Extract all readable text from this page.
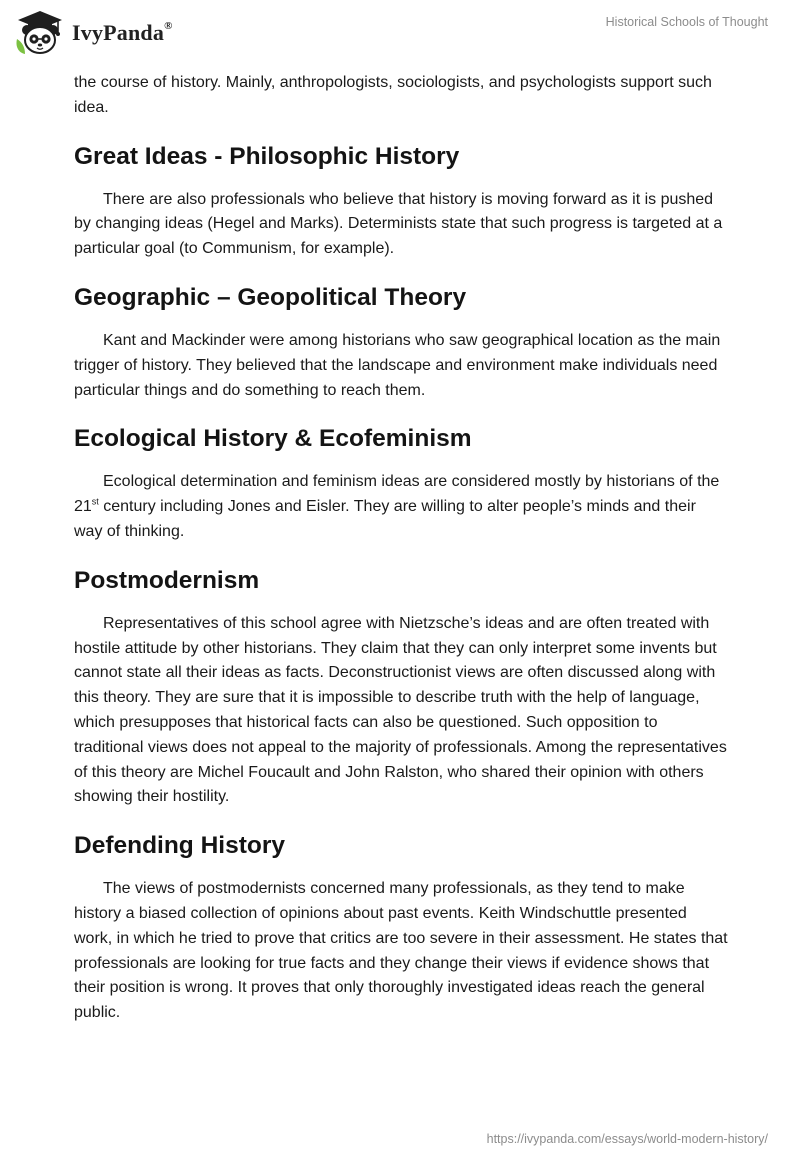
IvyPanda®	Historical Schools of Thought

the course of history. Mainly, anthropologists, sociologists, and psychologists support such idea.

Great Ideas - Philosophic History

There are also professionals who believe that history is moving forward as it is pushed by changing ideas (Hegel and Marks). Determinists state that such progress is targeted at a particular goal (to Communism, for example).

Geographic – Geopolitical Theory

Kant and Mackinder were among historians who saw geographical location as the main trigger of history. They believed that the landscape and environment make individuals need particular things and do something to reach them.

Ecological History & Ecofeminism

Ecological determination and feminism ideas are considered mostly by historians of the 21st century including Jones and Eisler. They are willing to alter people’s minds and their way of thinking.

Postmodernism

Representatives of this school agree with Nietzsche’s ideas and are often treated with hostile attitude by other historians. They claim that they can only interpret some invents but cannot state all their ideas as facts. Deconstructionist views are often discussed along with this theory. They are sure that it is impossible to describe truth with the help of language, which presupposes that historical facts can also be questioned. Such opposition to traditional views does not appeal to the majority of professionals. Among the representatives of this theory are Michel Foucault and John Ralston, who shared their opinion with others showing their hostility.

Defending History

The views of postmodernists concerned many professionals, as they tend to make history a biased collection of opinions about past events. Keith Windschuttle presented work, in which he tried to prove that critics are too severe in their assessment. He states that professionals are looking for true facts and they change their views if evidence shows that their position is wrong. It proves that only thoroughly investigated ideas reach the general public.

https://ivypanda.com/essays/world-modern-history/
